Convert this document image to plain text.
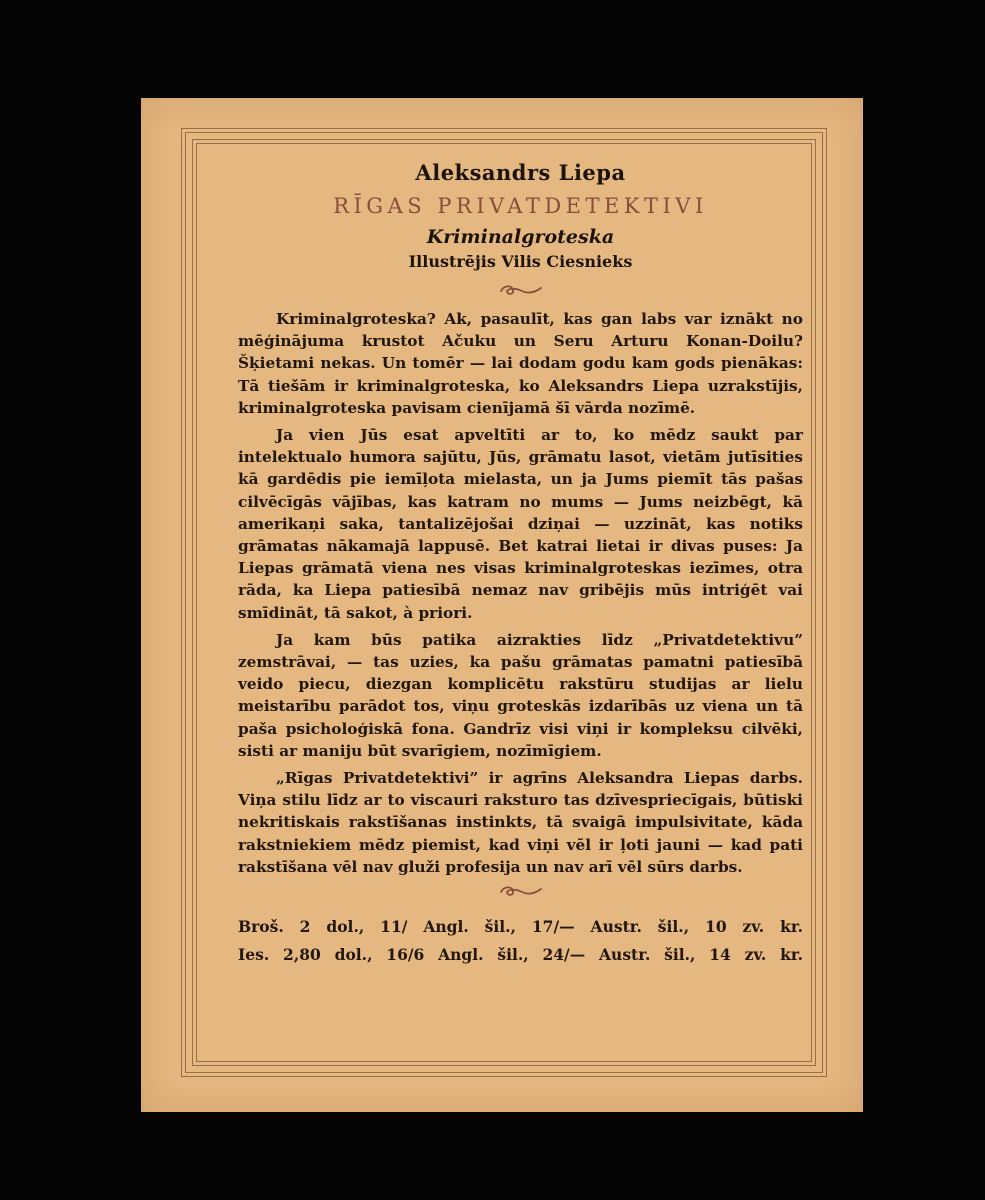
Aleksandrs Liepa
RĪGAS PRIVATDETEKTIVI
Kriminalgroteska
Illustrējis Vilis Ciesnieks

Kriminalgroteska? Ak, pasaulīt, kas gan labs var iznākt no mēģinājuma krustot Ačuku un Seru Arturu Konan-Doilu? Šķietami nekas. Un tomēr — lai dodam godu kam gods pienākas: Tā tiešām ir kriminalgroteska, ko Aleksandrs Liepa uzrakstījis, kriminalgroteska pavisam cienījamā šī vārda nozīmē.

Ja vien Jūs esat apveltīti ar to, ko mēdz saukt par intelektualo humora sajūtu, Jūs, grāmatu lasot, vietām jutīsities kā gardēdis pie iemīļota mielasta, un ja Jums piemīt tās pašas cilvēcīgās vājības, kas katram no mums — Jums neizbēgt, kā amerikaņi saka, tantalizējošai dziņai — uzzināt, kas notiks grāmatas nākamajā lappusē. Bet katrai lietai ir divas puses: Ja Liepas grāmatā viena nes visas kriminalgroteskas iezīmes, otra rāda, ka Liepa patiesībā nemaz nav gribējis mūs intriģēt vai smīdināt, tā sakot, à priori.

Ja kam būs patika aizrakties līdz „Privatdetektivu” zemstrāvai, — tas uzies, ka pašu grāmatas pamatni patiesībā veido piecu, diezgan komplicētu rakstūru studijas ar lielu meistarību parādot tos, viņu groteskās izdarībās uz viena un tā paša psicholoģiskā fona. Gandrīz visi viņi ir kompleksu cilvēki, sisti ar maniju būt svarīgiem, nozīmīgiem.

„Rīgas Privatdetektivi” ir agrīns Aleksandra Liepas darbs. Viņa stilu līdz ar to viscauri raksturo tas dzīvespriecīgais, būtiski nekritiskais rakstīšanas instinkts, tā svaigā impulsivitate, kāda rakstniekiem mēdz piemist, kad viņi vēl ir ļoti jauni — kad pati rakstīšana vēl nav gluži profesija un nav arī vēl sūrs darbs.

Broš. 2 dol., 11/ Angl. šil., 17/— Austr. šil., 10 zv. kr.
Ies. 2,80 dol., 16/6 Angl. šil., 24/— Austr. šil., 14 zv. kr.
